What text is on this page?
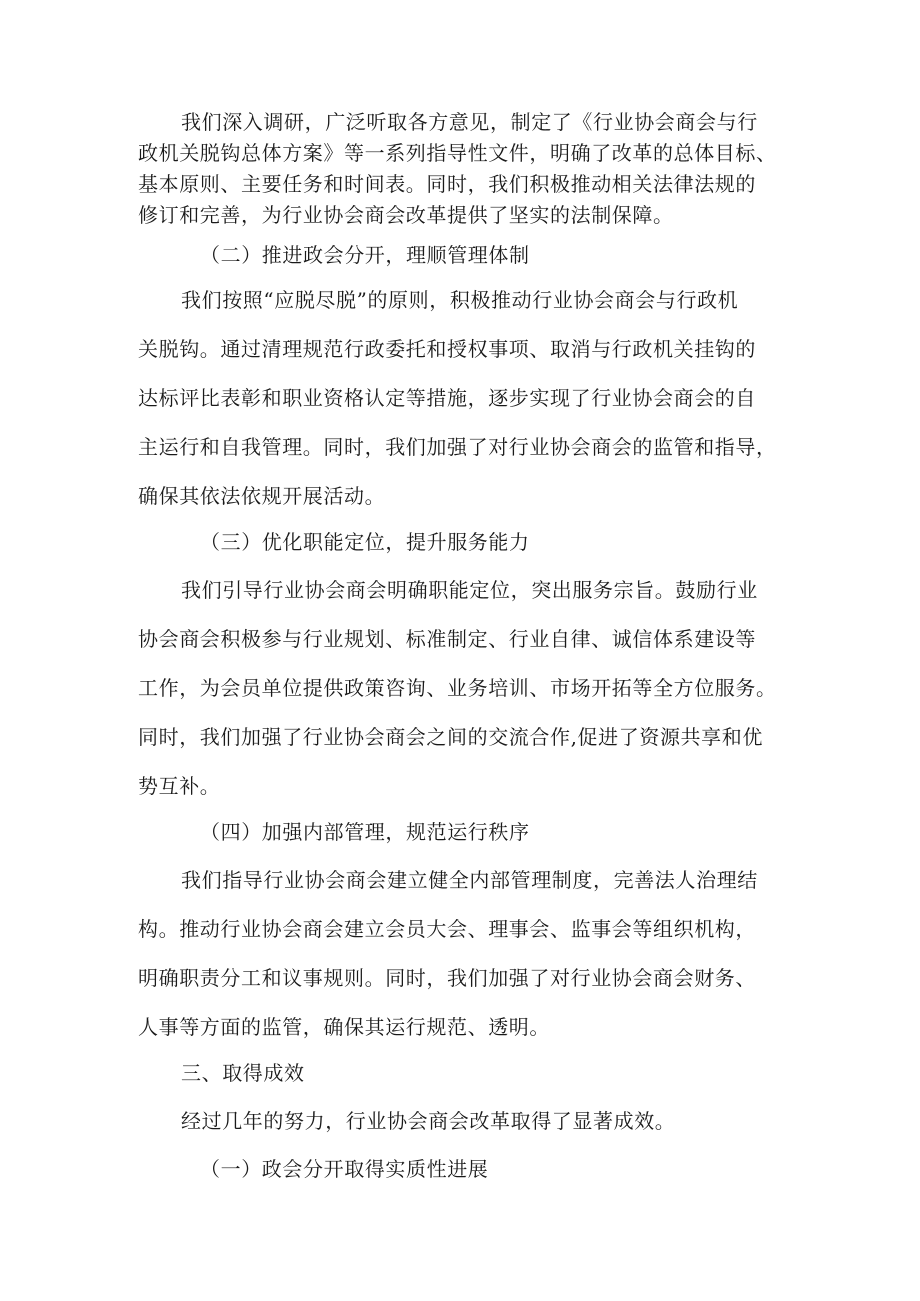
我们深入调研，广泛听取各方意见，制定了《行业协会商会与行
政机关脱钩总体方案》等一系列指导性文件，明确了改革的总体目标、
基本原则、主要任务和时间表。同时，我们积极推动相关法律法规的
修订和完善，为行业协会商会改革提供了坚实的法制保障。
（二）推进政会分开，理顺管理体制
我们按照“应脱尽脱”的原则，积极推动行业协会商会与行政机
关脱钩。通过清理规范行政委托和授权事项、取消与行政机关挂钩的
达标评比表彰和职业资格认定等措施，逐步实现了行业协会商会的自
主运行和自我管理。同时，我们加强了对行业协会商会的监管和指导，
确保其依法依规开展活动。
（三）优化职能定位，提升服务能力
我们引导行业协会商会明确职能定位，突出服务宗旨。鼓励行业
协会商会积极参与行业规划、标准制定、行业自律、诚信体系建设等
工作，为会员单位提供政策咨询、业务培训、市场开拓等全方位服务。
同时，我们加强了行业协会商会之间的交流合作,促进了资源共享和优
势互补。
（四）加强内部管理，规范运行秩序
我们指导行业协会商会建立健全内部管理制度，完善法人治理结
构。推动行业协会商会建立会员大会、理事会、监事会等组织机构，
明确职责分工和议事规则。同时，我们加强了对行业协会商会财务、
人事等方面的监管，确保其运行规范、透明。
三、取得成效
经过几年的努力，行业协会商会改革取得了显著成效。
（一）政会分开取得实质性进展
